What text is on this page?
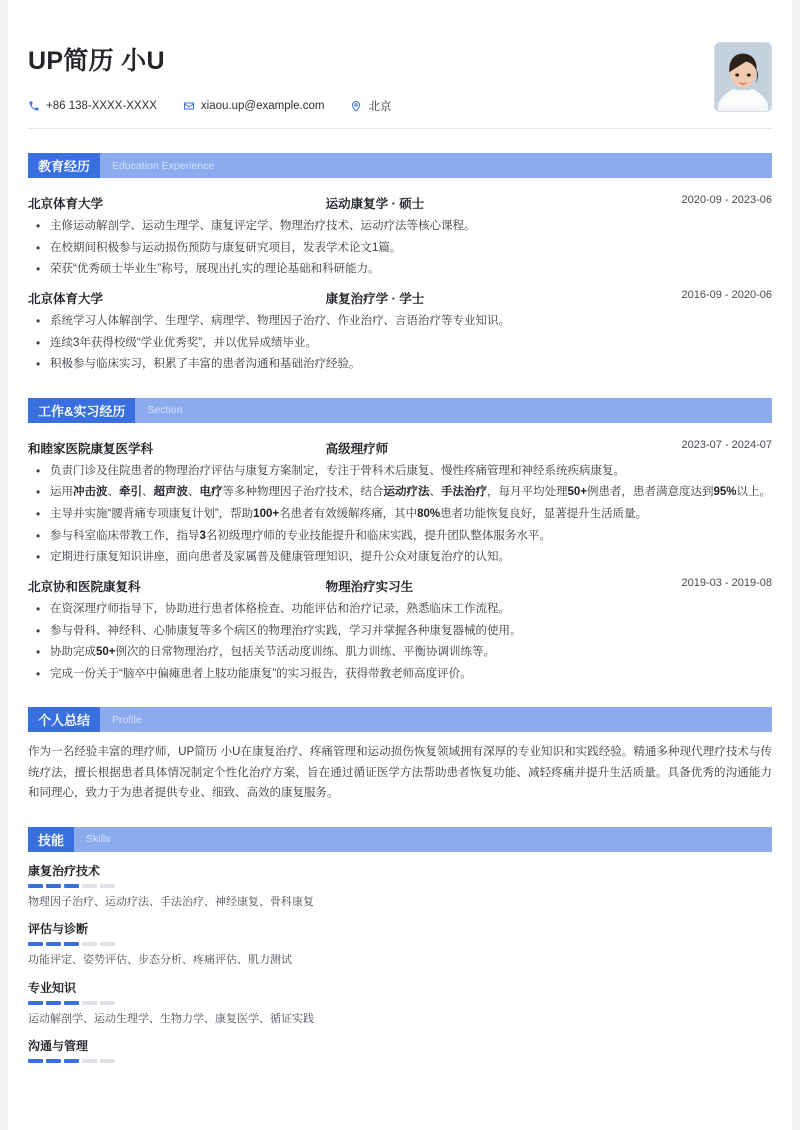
UP简历 小U
+86 138-XXXX-XXXX	xiaou.up@example.com	北京
教育经历	Education Experience
北京体育大学	运动康复学 · 硕士	2020-09 - 2023-06
• 主修运动解剖学、运动生理学、康复评定学、物理治疗技术、运动疗法等核心课程。
• 在校期间积极参与运动损伤预防与康复研究项目，发表学术论文1篇。
• 荣获“优秀硕士毕业生”称号，展现出扎实的理论基础和科研能力。
北京体育大学	康复治疗学 · 学士	2016-09 - 2020-06
• 系统学习人体解剖学、生理学、病理学、物理因子治疗、作业治疗、言语治疗等专业知识。
• 连续3年获得校级“学业优秀奖”，并以优异成绩毕业。
• 积极参与临床实习，积累了丰富的患者沟通和基础治疗经验。
工作&实习经历	Section
和睦家医院康复医学科	高级理疗师	2023-07 - 2024-07
• 负责门诊及住院患者的物理治疗评估与康复方案制定，专注于骨科术后康复、慢性疼痛管理和神经系统疾病康复。
• 运用冲击波、牵引、超声波、电疗等多种物理因子治疗技术，结合运动疗法、手法治疗，每月平均处理50+例患者，患者满意度达到95%以上。
• 主导并实施“腰背痛专项康复计划”，帮助100+名患者有效缓解疼痛，其中80%患者功能恢复良好，显著提升生活质量。
• 参与科室临床带教工作，指导3名初级理疗师的专业技能提升和临床实践，提升团队整体服务水平。
• 定期进行康复知识讲座，面向患者及家属普及健康管理知识，提升公众对康复治疗的认知。
北京协和医院康复科	物理治疗实习生	2019-03 - 2019-08
• 在资深理疗师指导下，协助进行患者体格检查、功能评估和治疗记录，熟悉临床工作流程。
• 参与骨科、神经科、心肺康复等多个病区的物理治疗实践，学习并掌握各种康复器械的使用。
• 协助完成50+例次的日常物理治疗，包括关节活动度训练、肌力训练、平衡协调训练等。
• 完成一份关于“脑卒中偏瘫患者上肢功能康复”的实习报告，获得带教老师高度评价。
个人总结	Profile
作为一名经验丰富的理疗师，UP简历 小U在康复治疗、疼痛管理和运动损伤恢复领域拥有深厚的专业知识和实践经验。精通多种现代理疗技术与传统疗法，擅长根据患者具体情况制定个性化治疗方案，旨在通过循证医学方法帮助患者恢复功能、减轻疼痛并提升生活质量。具备优秀的沟通能力和同理心，致力于为患者提供专业、细致、高效的康复服务。
技能	Skills
康复治疗技术
物理因子治疗、运动疗法、手法治疗、神经康复、骨科康复
评估与诊断
功能评定、姿势评估、步态分析、疼痛评估、肌力测试
专业知识
运动解剖学、运动生理学、生物力学、康复医学、循证实践
沟通与管理
